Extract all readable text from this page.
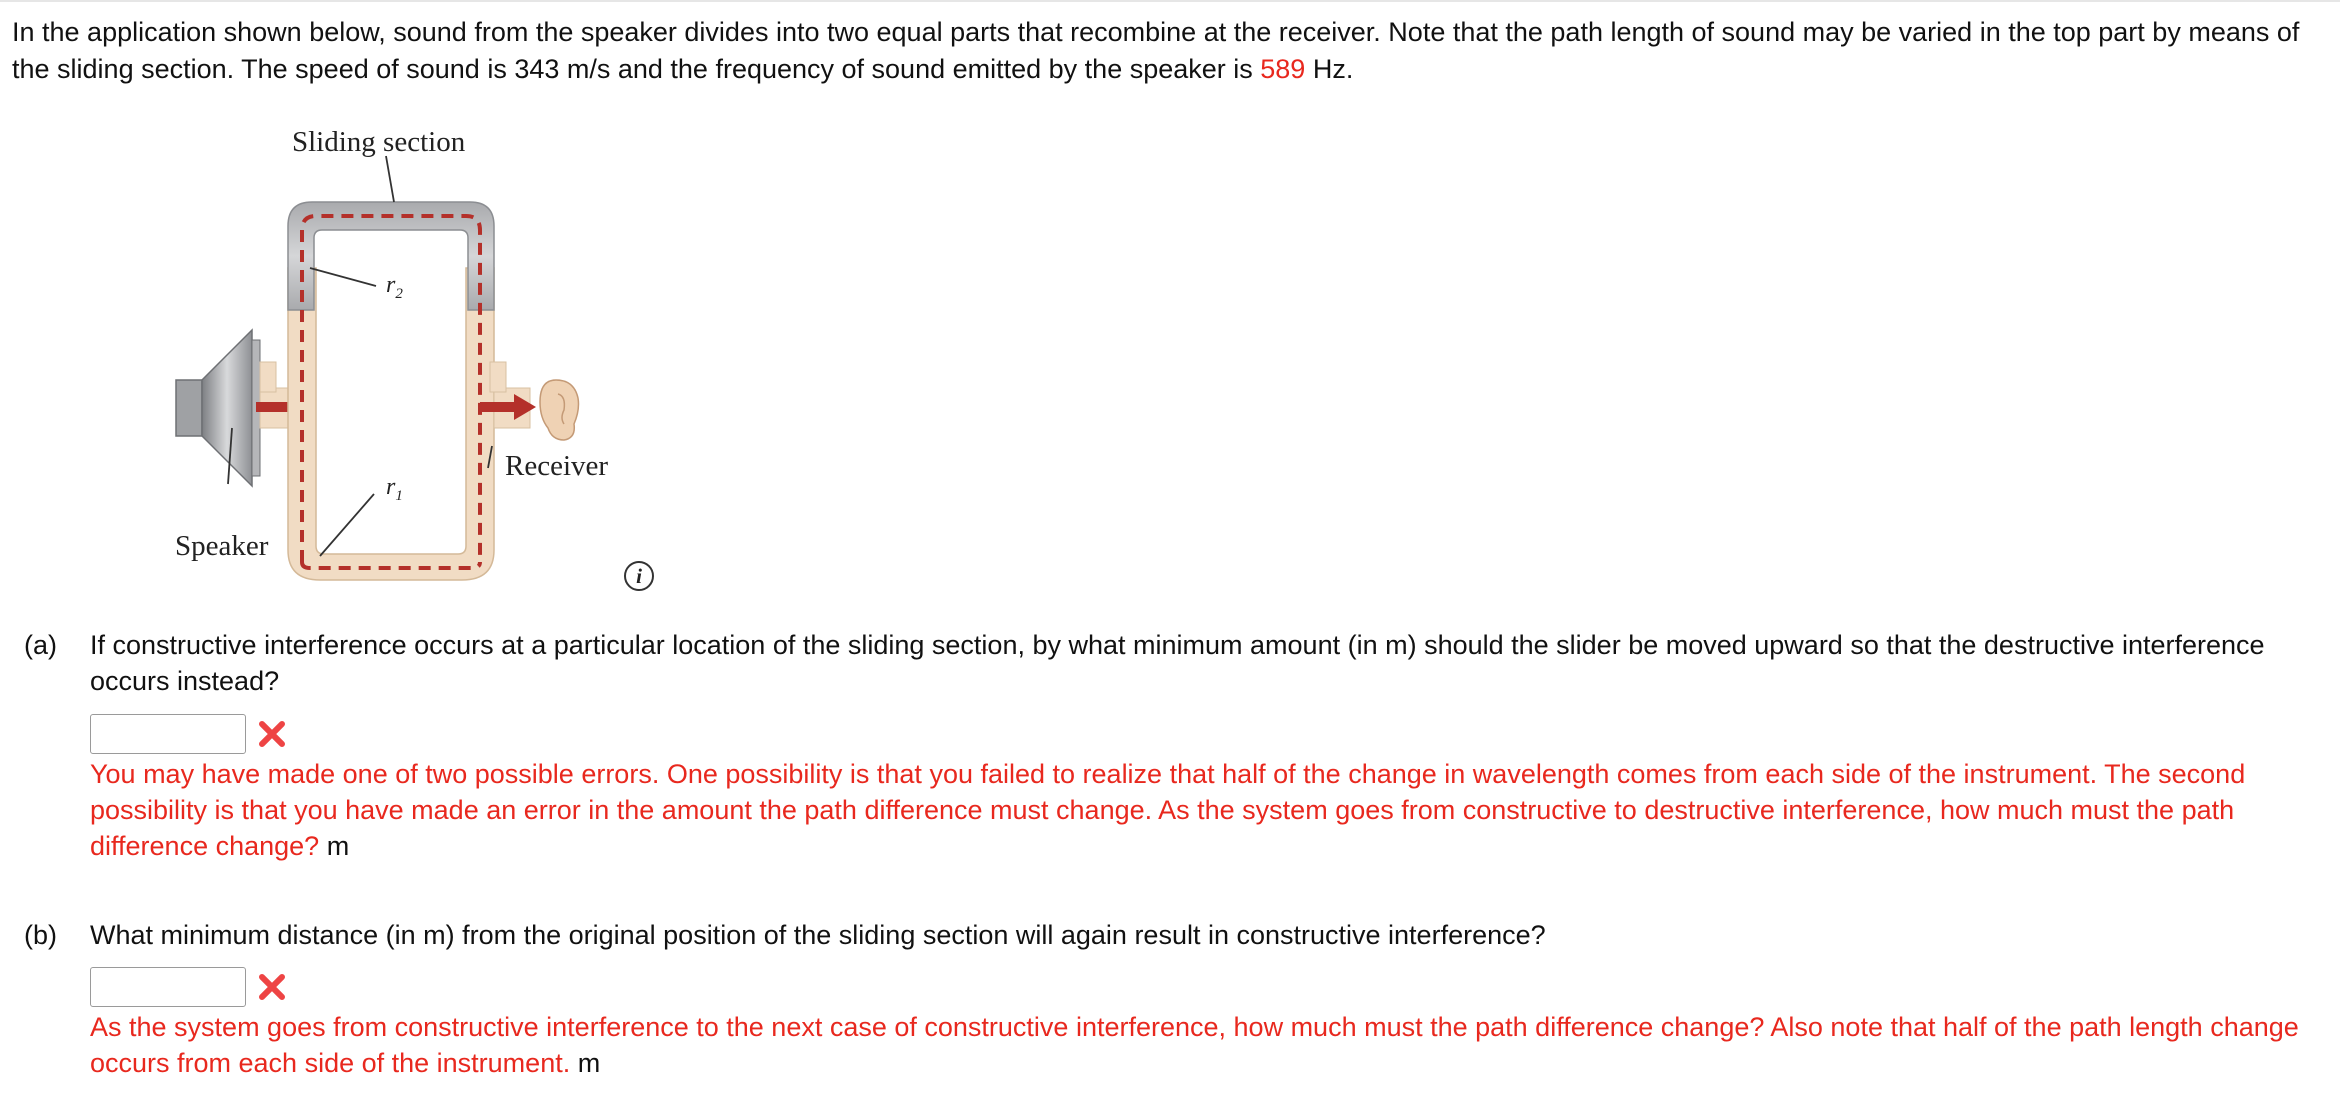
In the application shown below, sound from the speaker divides into two equal parts that recombine at the receiver. Note that the path length of sound may be varied in the top part by means of the sliding section. The speed of sound is 343 m/s and the frequency of sound emitted by the speaker is 589 Hz.
Sliding section
$r_2$
$r_1$
Receiver
Speaker
i
(a) If constructive interference occurs at a particular location of the sliding section, by what minimum amount (in m) should the slider be moved upward so that the destructive interference occurs instead?
You may have made one of two possible errors. One possibility is that you failed to realize that half of the change in wavelength comes from each side of the instrument. The second possibility is that you have made an error in the amount the path difference must change. As the system goes from constructive to destructive interference, how much must the path difference change? m
(b) What minimum distance (in m) from the original position of the sliding section will again result in constructive interference?
As the system goes from constructive interference to the next case of constructive interference, how much must the path difference change? Also note that half of the path length change occurs from each side of the instrument. m
